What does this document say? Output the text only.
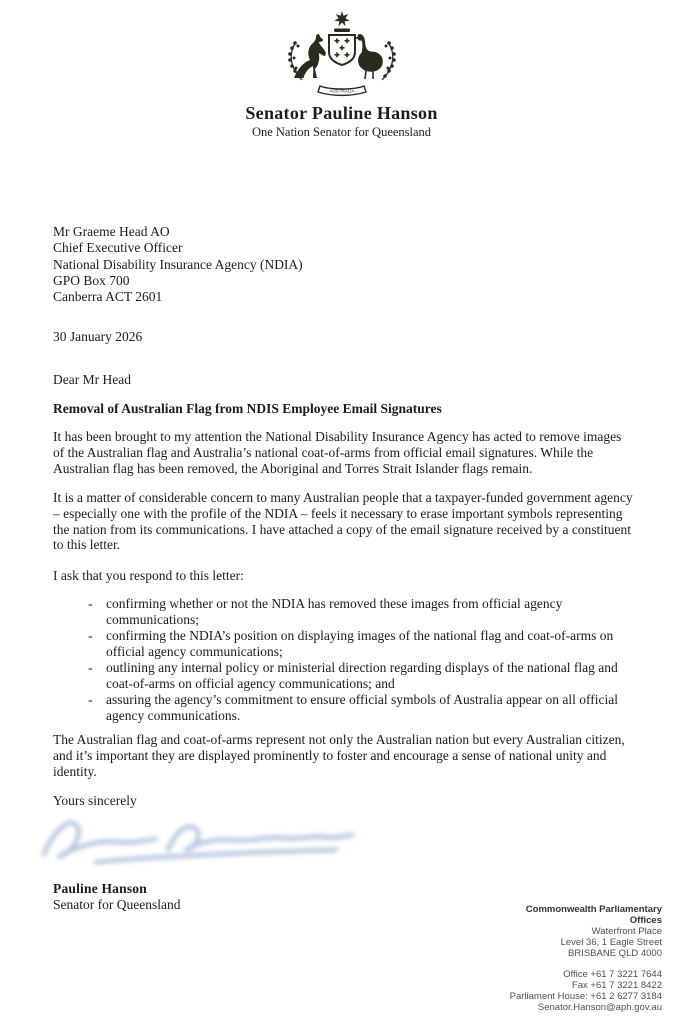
AUSTRALIA
Senator Pauline Hanson
One Nation Senator for Queensland
Mr Graeme Head AO
Chief Executive Officer
National Disability Insurance Agency (NDIA)
GPO Box 700
Canberra ACT 2601
30 January 2026
Dear Mr Head
Removal of Australian Flag from NDIS Employee Email Signatures

It has been brought to my attention the National Disability Insurance Agency has acted to remove images of the Australian flag and Australia’s national coat-of-arms from official email signatures. While the Australian flag has been removed, the Aboriginal and Torres Strait Islander flags remain.

It is a matter of considerable concern to many Australian people that a taxpayer-funded government agency – especially one with the profile of the NDIA – feels it necessary to erase important symbols representing the nation from its communications. I have attached a copy of the email signature received by a constituent to this letter.

I ask that you respond to this letter:

-	confirming whether or not the NDIA has removed these images from official agency communications;
-	confirming the NDIA’s position on displaying images of the national flag and coat-of-arms on official agency communications;
-	outlining any internal policy or ministerial direction regarding displays of the national flag and coat-of-arms on official agency communications; and
-	assuring the agency’s commitment to ensure official symbols of Australia appear on all official agency communications.

The Australian flag and coat-of-arms represent not only the Australian nation but every Australian citizen, and it’s important they are displayed prominently to foster and encourage a sense of national unity and identity.

Yours sincerely
Pauline Hanson
Senator for Queensland	Commonwealth Parliamentary Offices
Waterfront Place
Level 36, 1 Eagle Street
BRISBANE QLD 4000
Office +61 7 3221 7644
Fax +61 7 3221 8422
Parliament House: +61 2 6277 3184
Senator.Hanson@aph.gov.au
